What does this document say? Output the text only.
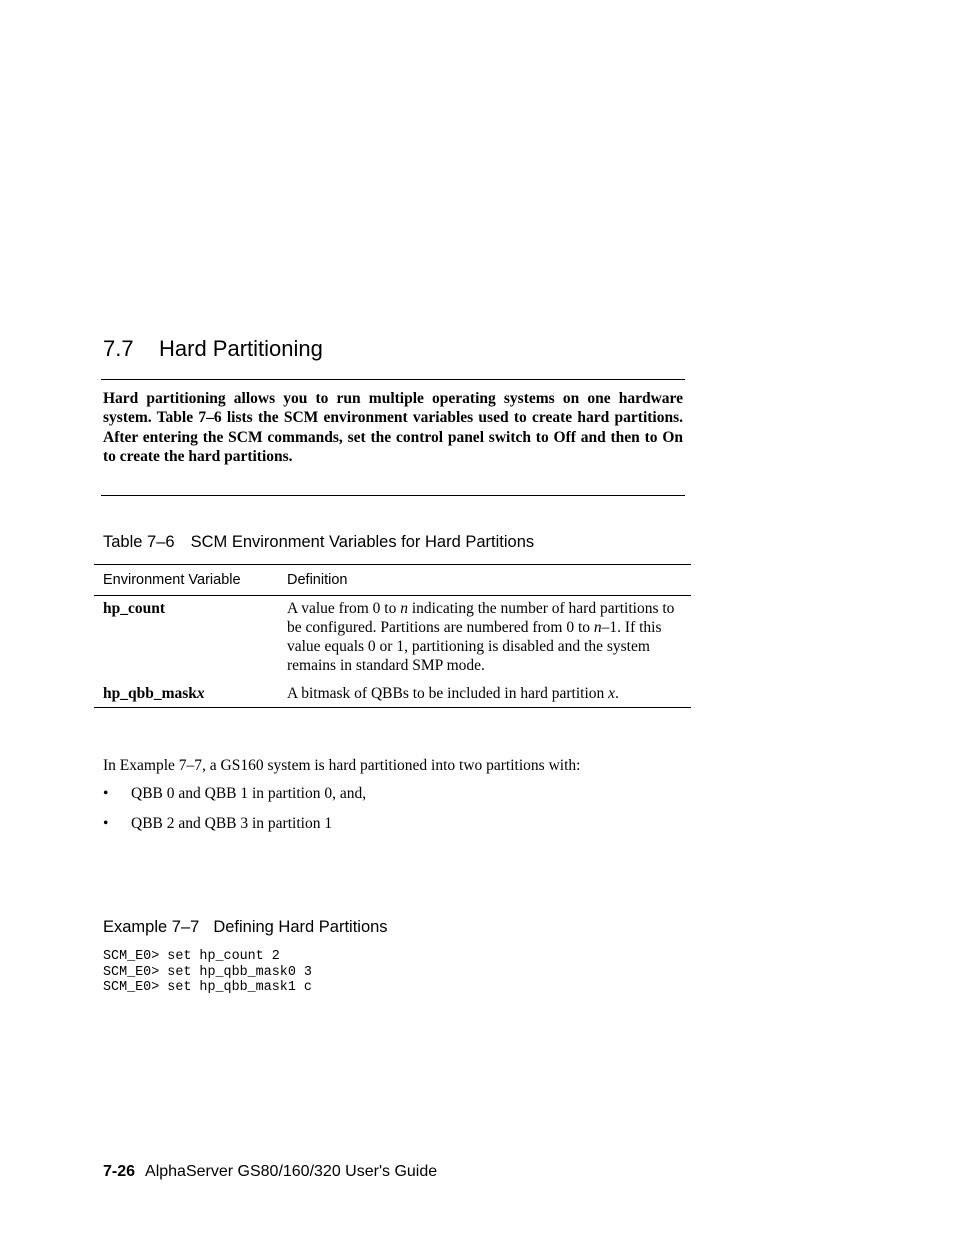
7.7 Hard Partitioning
Hard partitioning allows you to run multiple operating systems on one hardware system. Table 7–6 lists the SCM environment variables used to create hard partitions. After entering the SCM commands, set the control panel switch to Off and then to On to create the hard partitions.
Table 7–6 SCM Environment Variables for Hard Partitions
Environment Variable	Definition
hp_count	A value from 0 to n indicating the number of hard partitions to be configured. Partitions are numbered from 0 to n–1. If this value equals 0 or 1, partitioning is disabled and the system remains in standard SMP mode.
hp_qbb_maskx	A bitmask of QBBs to be included in hard partition x.
In Example 7–7, a GS160 system is hard partitioned into two partitions with:
• QBB 0 and QBB 1 in partition 0, and,
• QBB 2 and QBB 3 in partition 1
Example 7–7 Defining Hard Partitions
SCM_E0> set hp_count 2
SCM_E0> set hp_qbb_mask0 3
SCM_E0> set hp_qbb_mask1 c
7-26 AlphaServer GS80/160/320 User's Guide
